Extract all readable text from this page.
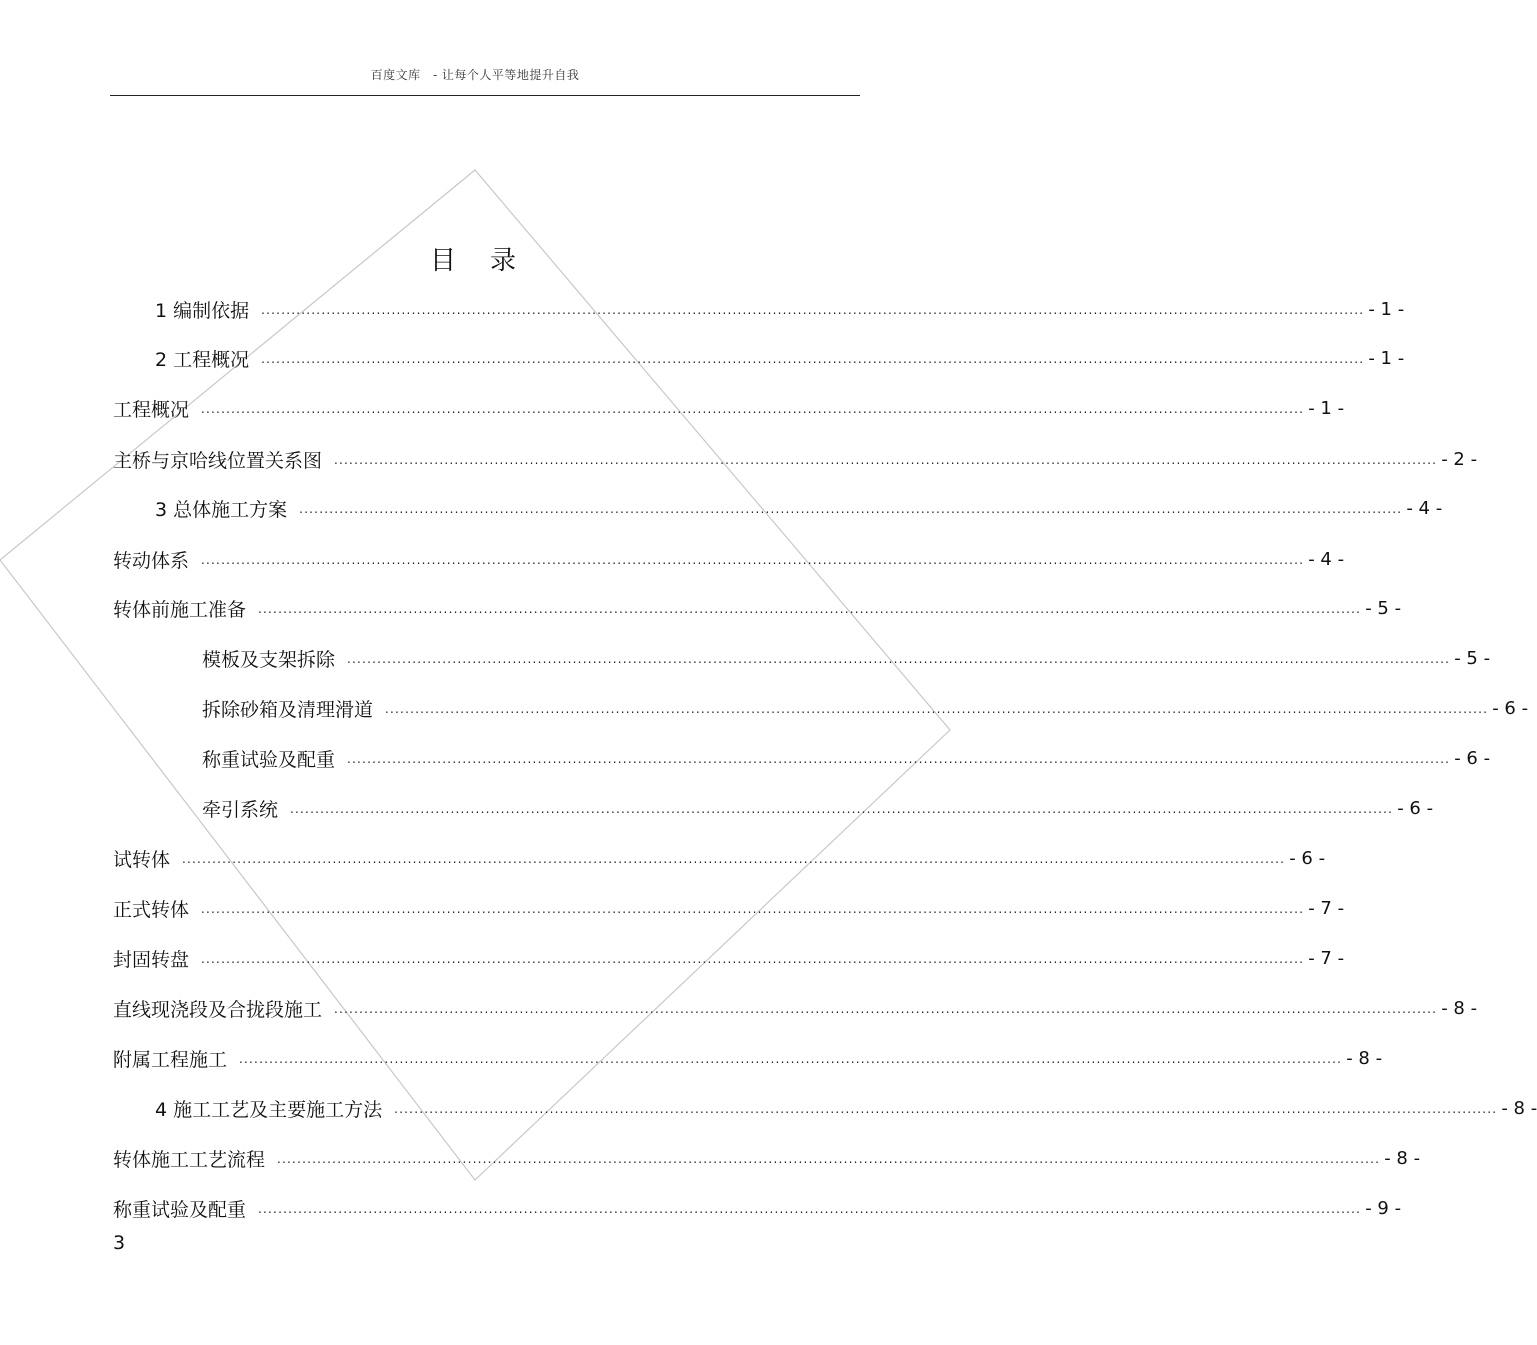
百度文库　- 让每个人平等地提升自我
目录
1 编制依据 ............................................................................................................................................................................................................................ - 1 -
2 工程概况 ............................................................................................................................................................................................................................ - 1 -
工程概况 ............................................................................................................................................................................................................................ - 1 -
主桥与京哈线位置关系图 ............................................................................................................................................................................................................................ - 2 -
3 总体施工方案 ............................................................................................................................................................................................................................ - 4 -
转动体系 ............................................................................................................................................................................................................................ - 4 -
转体前施工准备 ............................................................................................................................................................................................................................ - 5 -
模板及支架拆除 ............................................................................................................................................................................................................................ - 5 -
拆除砂箱及清理滑道 ............................................................................................................................................................................................................................ - 6 -
称重试验及配重 ............................................................................................................................................................................................................................ - 6 -
牵引系统 ............................................................................................................................................................................................................................ - 6 -
试转体 ............................................................................................................................................................................................................................ - 6 -
正式转体 ............................................................................................................................................................................................................................ - 7 -
封固转盘 ............................................................................................................................................................................................................................ - 7 -
直线现浇段及合拢段施工 ............................................................................................................................................................................................................................ - 8 -
附属工程施工 ............................................................................................................................................................................................................................ - 8 -
4 施工工艺及主要施工方法 ............................................................................................................................................................................................................................ - 8 -
转体施工工艺流程 ............................................................................................................................................................................................................................ - 8 -
称重试验及配重 ............................................................................................................................................................................................................................ - 9 -
3
